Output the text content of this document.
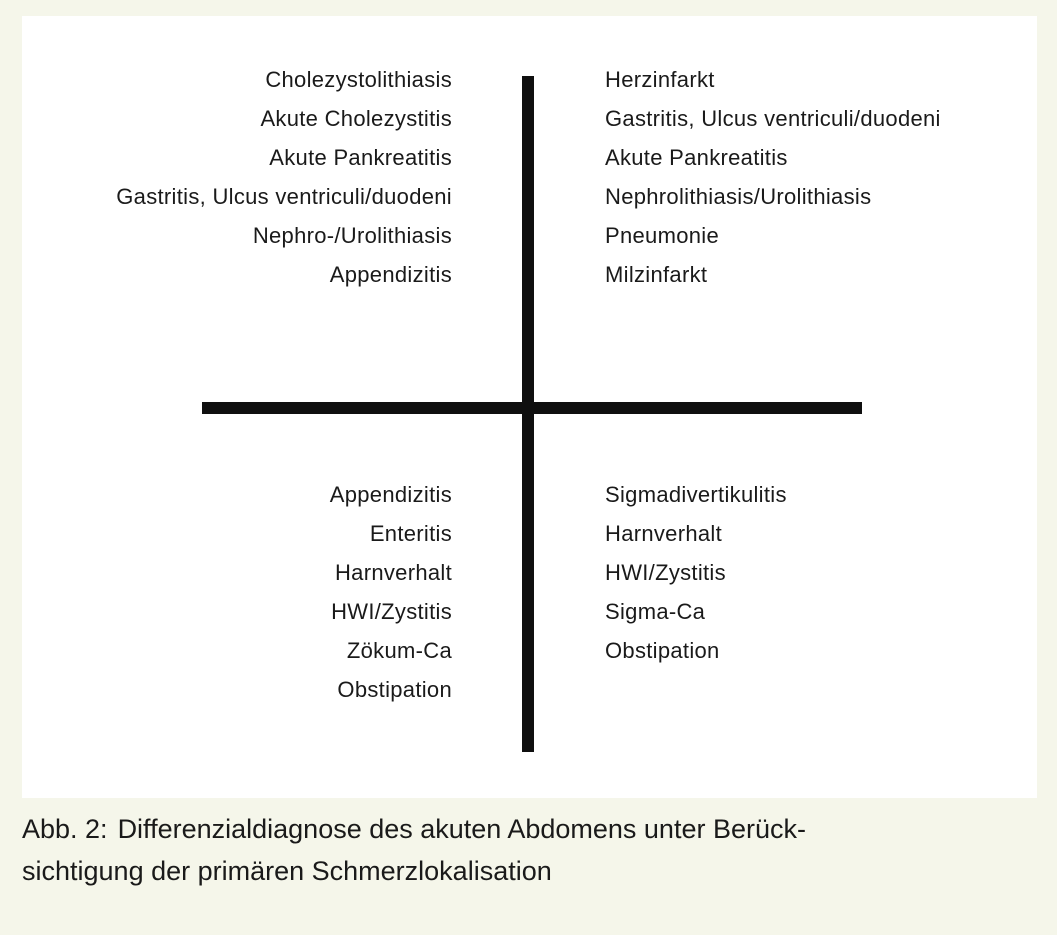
Cholezystolithiasis
Akute Cholezystitis
Akute Pankreatitis
Gastritis, Ulcus ventriculi/duodeni
Nephro-/Urolithiasis
Appendizitis
Herzinfarkt
Gastritis, Ulcus ventriculi/duodeni
Akute Pankreatitis
Nephrolithiasis/Urolithiasis
Pneumonie
Milzinfarkt
Appendizitis
Enteritis
Harnverhalt
HWI/Zystitis
Zökum-Ca
Obstipation
Sigmadivertikulitis
Harnverhalt
HWI/Zystitis
Sigma-Ca
Obstipation

Abb. 2: Differenzialdiagnose des akuten Abdomens unter Berück-
sichtigung der primären Schmerzlokalisation
